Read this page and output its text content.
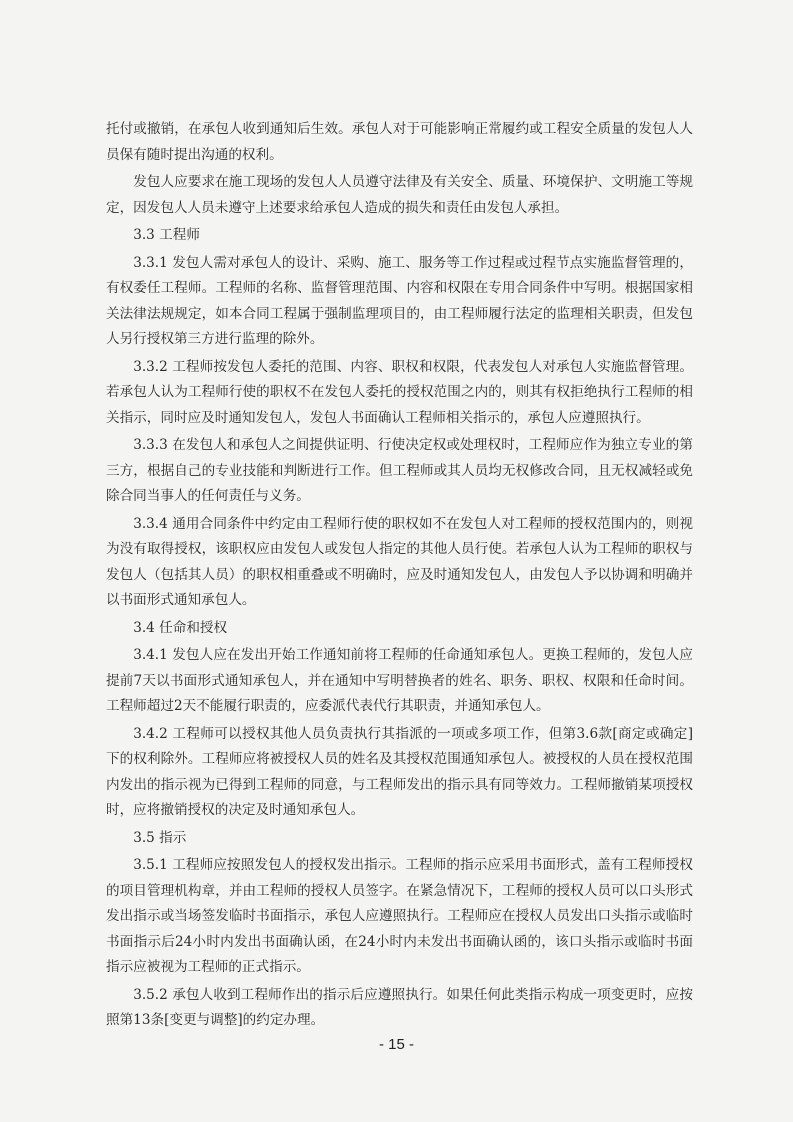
托付或撤销，在承包人收到通知后生效。承包人对于可能影响正常履约或工程安全质量的发包人人员保有随时提出沟通的权利。

发包人应要求在施工现场的发包人人员遵守法律及有关安全、质量、环境保护、文明施工等规定，因发包人人员未遵守上述要求给承包人造成的损失和责任由发包人承担。

3.3 工程师

3.3.1 发包人需对承包人的设计、采购、施工、服务等工作过程或过程节点实施监督管理的，有权委任工程师。工程师的名称、监督管理范围、内容和权限在专用合同条件中写明。根据国家相关法律法规规定，如本合同工程属于强制监理项目的，由工程师履行法定的监理相关职责，但发包人另行授权第三方进行监理的除外。

3.3.2 工程师按发包人委托的范围、内容、职权和权限，代表发包人对承包人实施监督管理。若承包人认为工程师行使的职权不在发包人委托的授权范围之内的，则其有权拒绝执行工程师的相关指示，同时应及时通知发包人，发包人书面确认工程师相关指示的，承包人应遵照执行。

3.3.3 在发包人和承包人之间提供证明、行使决定权或处理权时，工程师应作为独立专业的第三方，根据自己的专业技能和判断进行工作。但工程师或其人员均无权修改合同，且无权减轻或免除合同当事人的任何责任与义务。

3.3.4 通用合同条件中约定由工程师行使的职权如不在发包人对工程师的授权范围内的，则视为没有取得授权，该职权应由发包人或发包人指定的其他人员行使。若承包人认为工程师的职权与发包人（包括其人员）的职权相重叠或不明确时，应及时通知发包人，由发包人予以协调和明确并以书面形式通知承包人。

3.4 任命和授权

3.4.1 发包人应在发出开始工作通知前将工程师的任命通知承包人。更换工程师的，发包人应提前7天以书面形式通知承包人，并在通知中写明替换者的姓名、职务、职权、权限和任命时间。工程师超过2天不能履行职责的，应委派代表代行其职责，并通知承包人。

3.4.2 工程师可以授权其他人员负责执行其指派的一项或多项工作，但第3.6款[商定或确定]下的权利除外。工程师应将被授权人员的姓名及其授权范围通知承包人。被授权的人员在授权范围内发出的指示视为已得到工程师的同意，与工程师发出的指示具有同等效力。工程师撤销某项授权时，应将撤销授权的决定及时通知承包人。

3.5 指示

3.5.1 工程师应按照发包人的授权发出指示。工程师的指示应采用书面形式，盖有工程师授权的项目管理机构章，并由工程师的授权人员签字。在紧急情况下，工程师的授权人员可以口头形式发出指示或当场签发临时书面指示，承包人应遵照执行。工程师应在授权人员发出口头指示或临时书面指示后24小时内发出书面确认函，在24小时内未发出书面确认函的，该口头指示或临时书面指示应被视为工程师的正式指示。

3.5.2 承包人收到工程师作出的指示后应遵照执行。如果任何此类指示构成一项变更时，应按照第13条[变更与调整]的约定办理。

- 15 -
